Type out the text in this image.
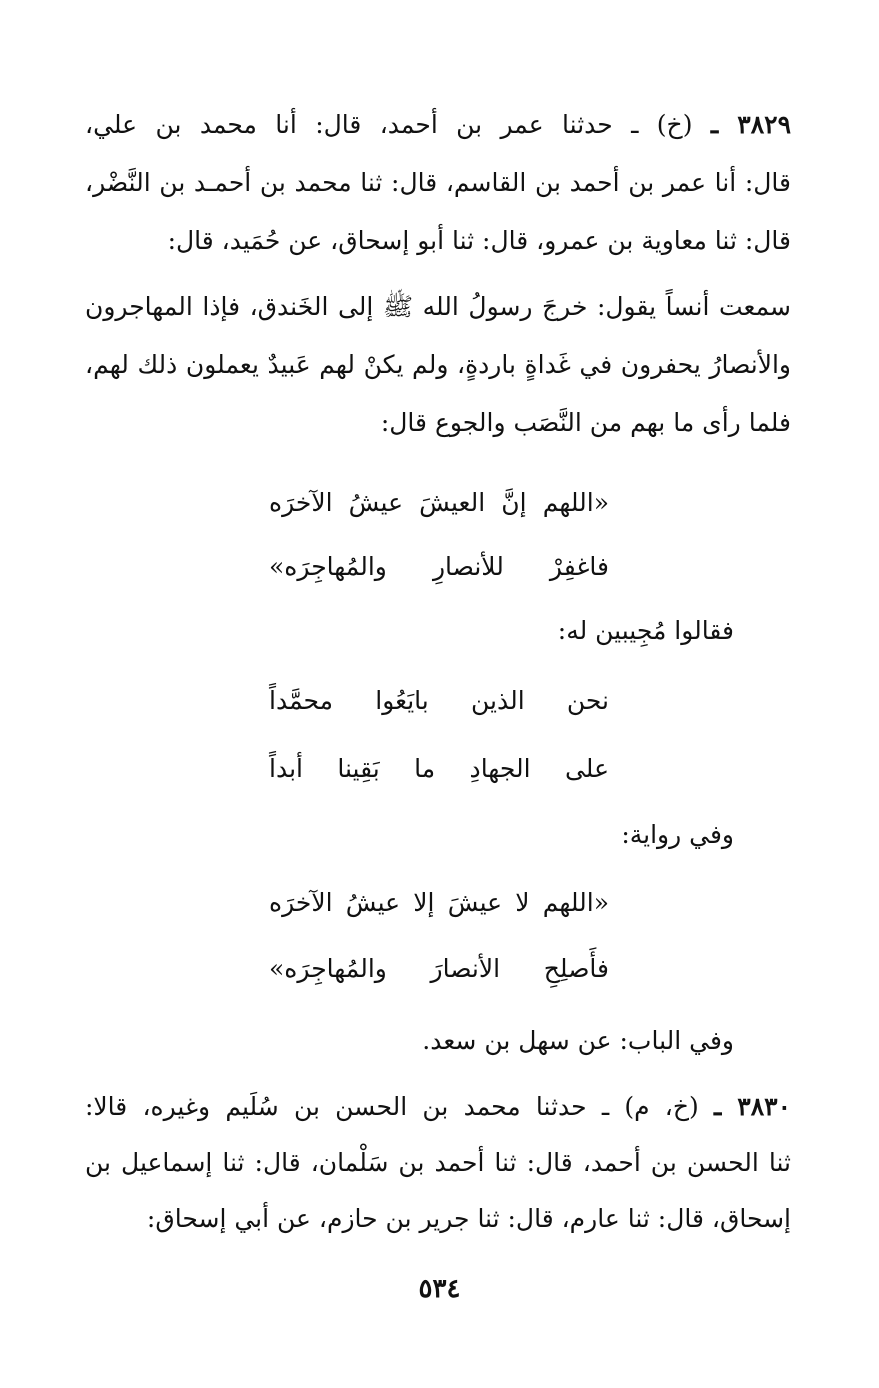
٣٨٢٩ ـ (خ) ـ حدثنا عمر بن أحمد، قال: أنا محمد بن علي،
قال: أنا عمر بن أحمد بن القاسم، قال: ثنا محمد بن أحمـد بن النَّضْر،
قال: ثنا معاوية بن عمرو، قال: ثنا أبو إسحاق، عن حُمَيد، قال:
سمعت أنساً يقول: خرجَ رسولُ الله ﷺ إلى الخَندق، فإذا المهاجرون
والأنصارُ يحفرون في غَداةٍ باردةٍ، ولم يكنْ لهم عَبيدٌ يعملون ذلك لهم،
فلما رأى ما بهم من النَّصَب والجوع قال:
«اللهم إنَّ العيشَ عيشُ الآخرَه
فاغفِرْ للأنصارِ والمُهاجِرَه»
فقالوا مُجِيبين له:
نحن الذين بايَعُوا محمَّداً
على الجهادِ ما بَقِينا أبداً
وفي رواية:
«اللهم لا عيشَ إلا عيشُ الآخرَه
فأَصلِحِ الأنصارَ والمُهاجِرَه»
وفي الباب: عن سهل بن سعد.
٣٨٣٠ ـ (خ، م) ـ حدثنا محمد بن الحسن بن سُلَيم وغيره، قالا:
ثنا الحسن بن أحمد، قال: ثنا أحمد بن سَلْمان، قال: ثنا إسماعيل بن
إسحاق، قال: ثنا عارم، قال: ثنا جرير بن حازم، عن أبي إسحاق:
٥٣٤
